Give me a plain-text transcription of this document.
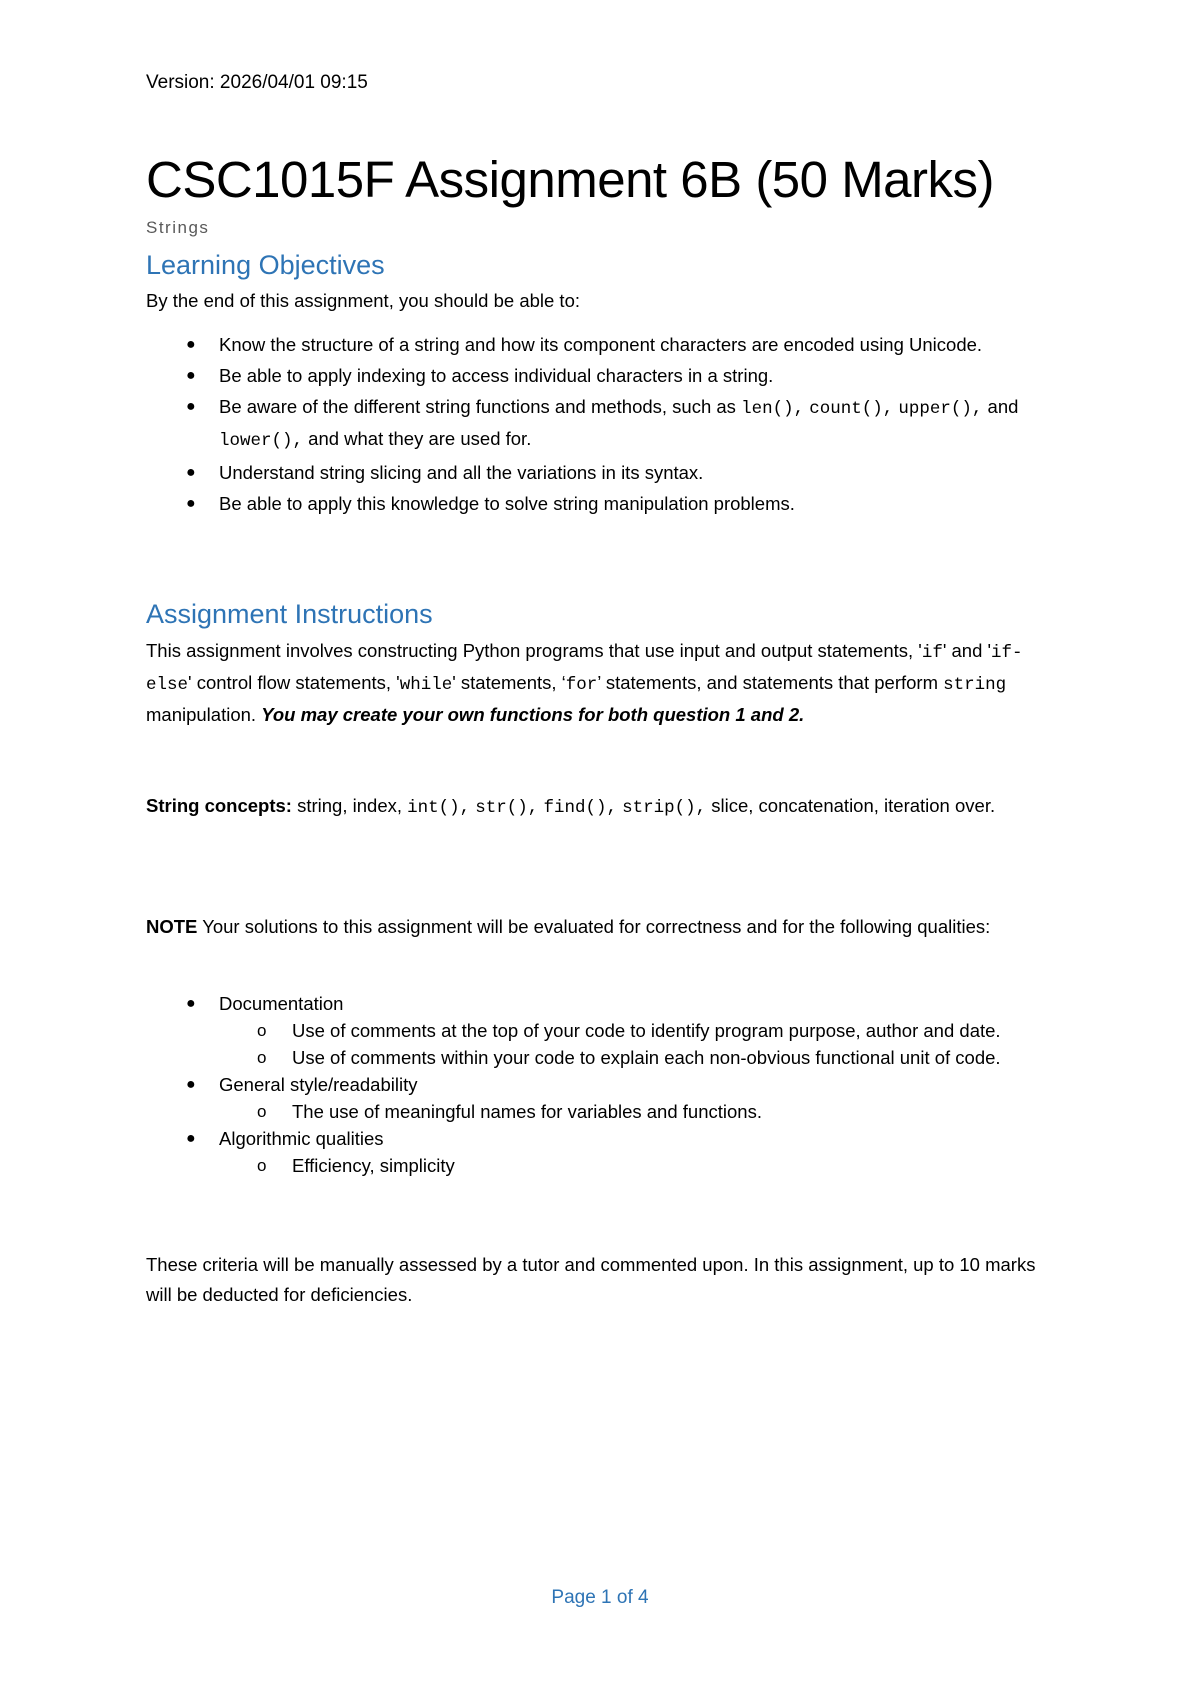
Version: 2026/04/01 09:15
CSC1015F Assignment 6B (50 Marks)
Strings
Learning Objectives

By the end of this assignment, you should be able to:

● Know the structure of a string and how its component characters are encoded using Unicode.
● Be able to apply indexing to access individual characters in a string.
● Be aware of the different string functions and methods, such as len(), count(), upper(), and lower(), and what they are used for.
● Understand string slicing and all the variations in its syntax.
● Be able to apply this knowledge to solve string manipulation problems.
Assignment Instructions

This assignment involves constructing Python programs that use input and output statements, 'if' and 'if-else' control flow statements, 'while' statements, ‘for’ statements, and statements that perform string manipulation. You may create your own functions for both question 1 and 2.

String concepts: string, index, int(), str(), find(), strip(), slice, concatenation, iteration over.

NOTE Your solutions to this assignment will be evaluated for correctness and for the following qualities:

● Documentation
o Use of comments at the top of your code to identify program purpose, author and date.
o Use of comments within your code to explain each non-obvious functional unit of code.
● General style/readability
o The use of meaningful names for variables and functions.
● Algorithmic qualities
o Efficiency, simplicity

These criteria will be manually assessed by a tutor and commented upon. In this assignment, up to 10 marks will be deducted for deficiencies.

Page 1 of 4
